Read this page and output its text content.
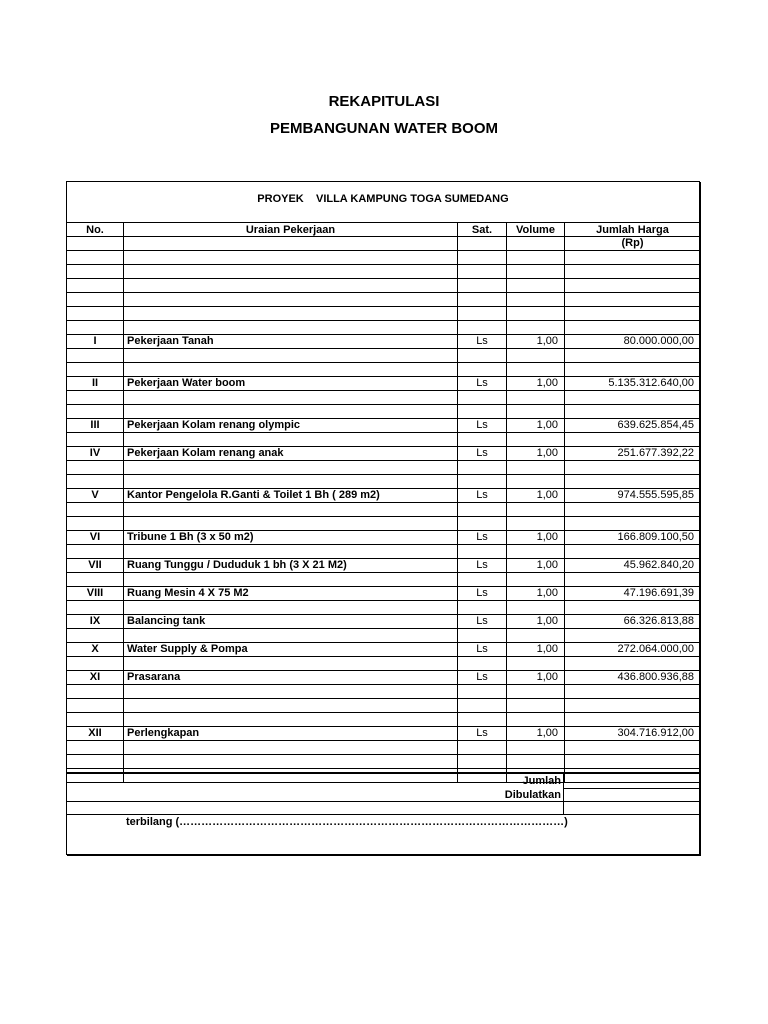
REKAPITULASI
PEMBANGUNAN WATER BOOM
PROYEK    VILLA KAMPUNG TOGA SUMEDANG
No.	Uraian Pekerjaan	Sat.	Volume	Jumlah Harga
				(Rp)

I	Pekerjaan Tanah	Ls	1,00	80.000.000,00

II	Pekerjaan Water boom	Ls	1,00	5.135.312.640,00

III	Pekerjaan Kolam renang olympic	Ls	1,00	639.625.854,45

IV	Pekerjaan Kolam renang anak	Ls	1,00	251.677.392,22

V	Kantor Pengelola R.Ganti & Toilet 1 Bh ( 289 m2)	Ls	1,00	974.555.595,85

VI	Tribune 1 Bh (3 x 50 m2)	Ls	1,00	166.809.100,50

VII	Ruang Tunggu / Dududuk 1 bh (3 X 21 M2)	Ls	1,00	45.962.840,20

VIII	Ruang Mesin 4 X 75 M2	Ls	1,00	47.196.691,39

IX	Balancing tank	Ls	1,00	66.326.813,88

X	Water Supply & Pompa	Ls	1,00	272.064.000,00

XI	Prasarana	Ls	1,00	436.800.936,88

XII	Perlengkapan	Ls	1,00	304.716.912,00

Jumlah
Dibulatkan
terbilang (……………………………………………………………………………………………)
